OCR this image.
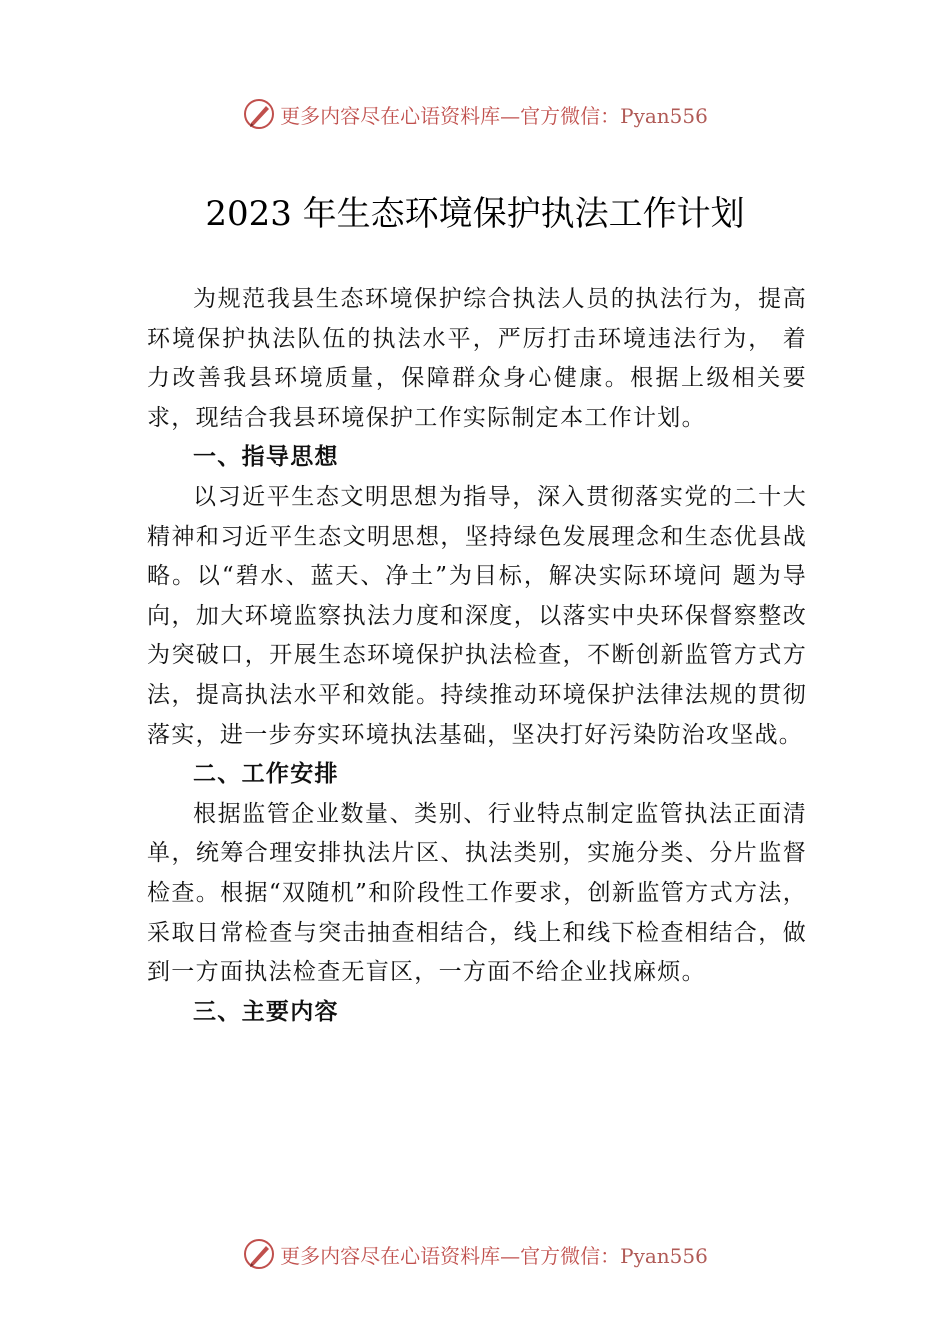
更多内容尽在心语资料库—官方微信：Pyan556
2023 年生态环境保护执法工作计划

为规范我县生态环境保护综合执法人员的执法行为，提高环境保护执法队伍的执法水平，严厉打击环境违法行为， 着力改善我县环境质量，保障群众身心健康。根据上级相关要求，现结合我县环境保护工作实际制定本工作计划。

一、指导思想

以习近平生态文明思想为指导，深入贯彻落实党的二十大精神和习近平生态文明思想，坚持绿色发展理念和生态优县战略。以“碧水、蓝天、净土”为目标，解决实际环境问 题为导向，加大环境监察执法力度和深度，以落实中央环保督察整改为突破口，开展生态环境保护执法检查，不断创新监管方式方法，提高执法水平和效能。持续推动环境保护法律法规的贯彻落实，进一步夯实环境执法基础，坚决打好污染防治攻坚战。

二、工作安排

根据监管企业数量、类别、行业特点制定监管执法正面清单，统筹合理安排执法片区、执法类别，实施分类、分片监督检查。根据“双随机”和阶段性工作要求，创新监管方式方法，采取日常检查与突击抽查相结合，线上和线下检查相结合，做到一方面执法检查无盲区，一方面不给企业找麻烦。

三、主要内容
更多内容尽在心语资料库—官方微信：Pyan556
